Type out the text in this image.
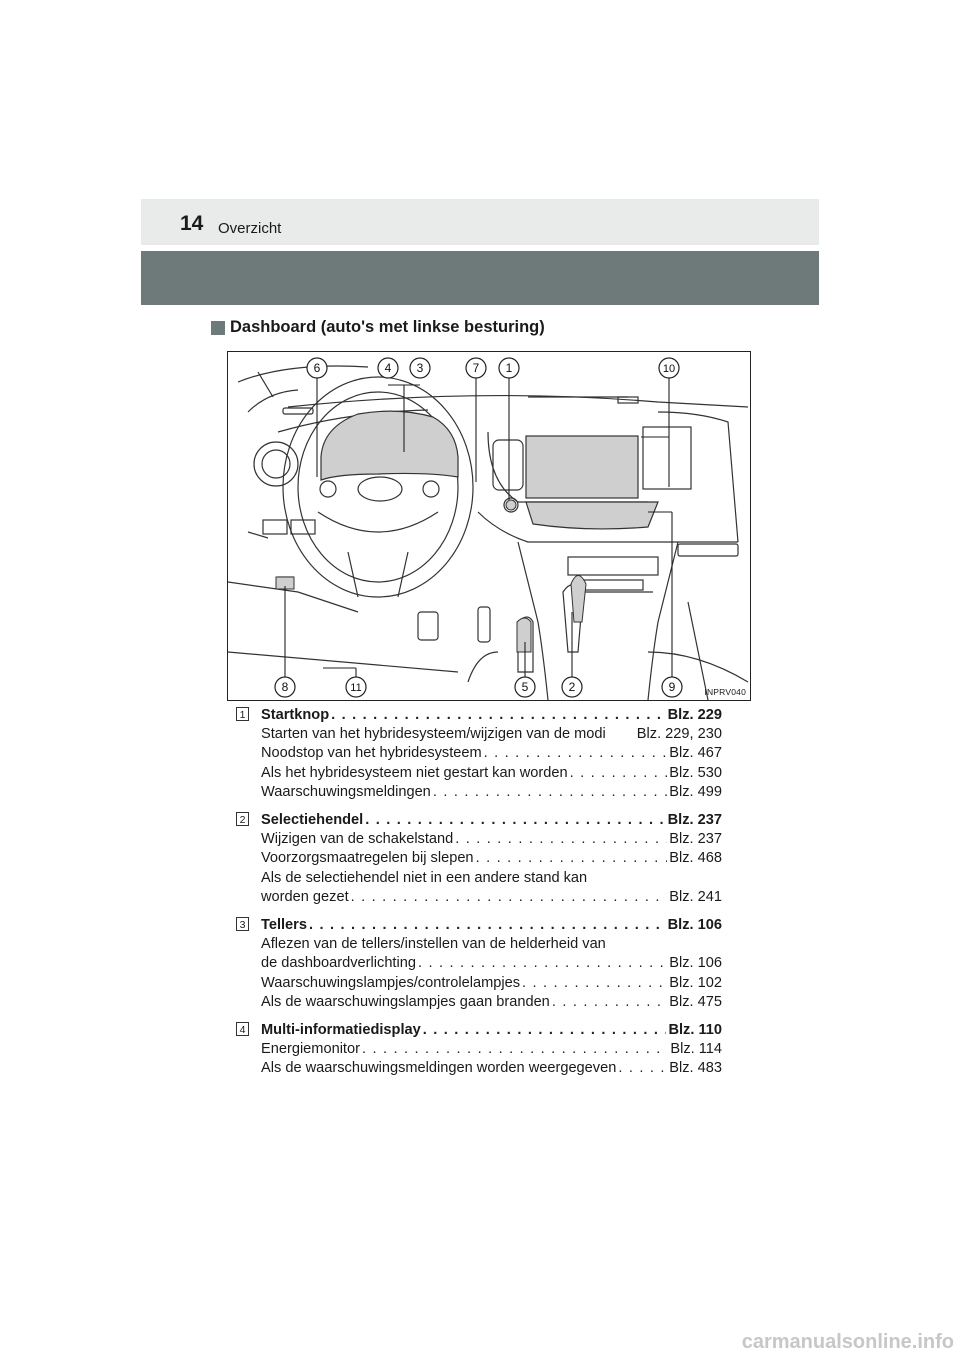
14 Overzicht
Dashboard (auto's met linkse besturing)
6	4 3	7 1	10
8	11	5	2	9	INPRV040
1 Startknop . . .	Blz. 229
Starten van het hybridesysteem/wijzigen van de modi Blz. 229, 230
Noodstop van het hybridesysteem . . .	Blz. 467
Als het hybridesysteem niet gestart kan worden . . .	Blz. 530
Waarschuwingsmeldingen . . .	Blz. 499
2 Selectiehendel . . .	Blz. 237
Wijzigen van de schakelstand . . .	Blz. 237
Voorzorgsmaatregelen bij slepen . . .	Blz. 468
Als de selectiehendel niet in een andere stand kan
worden gezet . . .	Blz. 241
3 Tellers . . .	Blz. 106
Aflezen van de tellers/instellen van de helderheid van
de dashboardverlichting . . .	Blz. 106
Waarschuwingslampjes/controlelampjes . . .	Blz. 102
Als de waarschuwingslampjes gaan branden . . .	Blz. 475
4 Multi-informatiedisplay . . .	Blz. 110
Energiemonitor . . .	Blz. 114
Als de waarschuwingsmeldingen worden weergegeven . . .	Blz. 483
carmanualsonline.info
